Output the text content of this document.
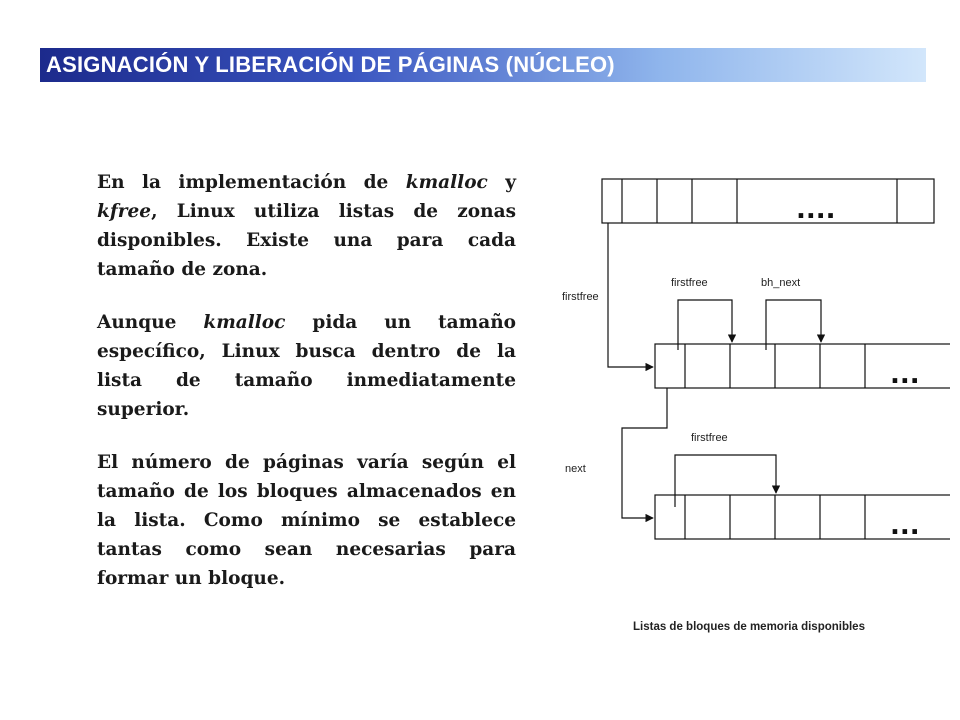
ASIGNACIÓN Y LIBERACIÓN DE PÁGINAS (NÚCLEO)

En la implementación de kmalloc y kfree, Linux utiliza listas de zonas disponibles. Existe una para cada tamaño de zona.

Aunque kmalloc pida un tamaño específico, Linux busca dentro de la lista de tamaño inmediatamente superior.

El número de páginas varía según el tamaño de los bloques almacenados en la lista. Como mínimo se establece tantas como sean necesarias para formar un bloque.

....
...
...
firstfree
firstfree	bh_next
next
firstfree
Listas de bloques de memoria disponibles
